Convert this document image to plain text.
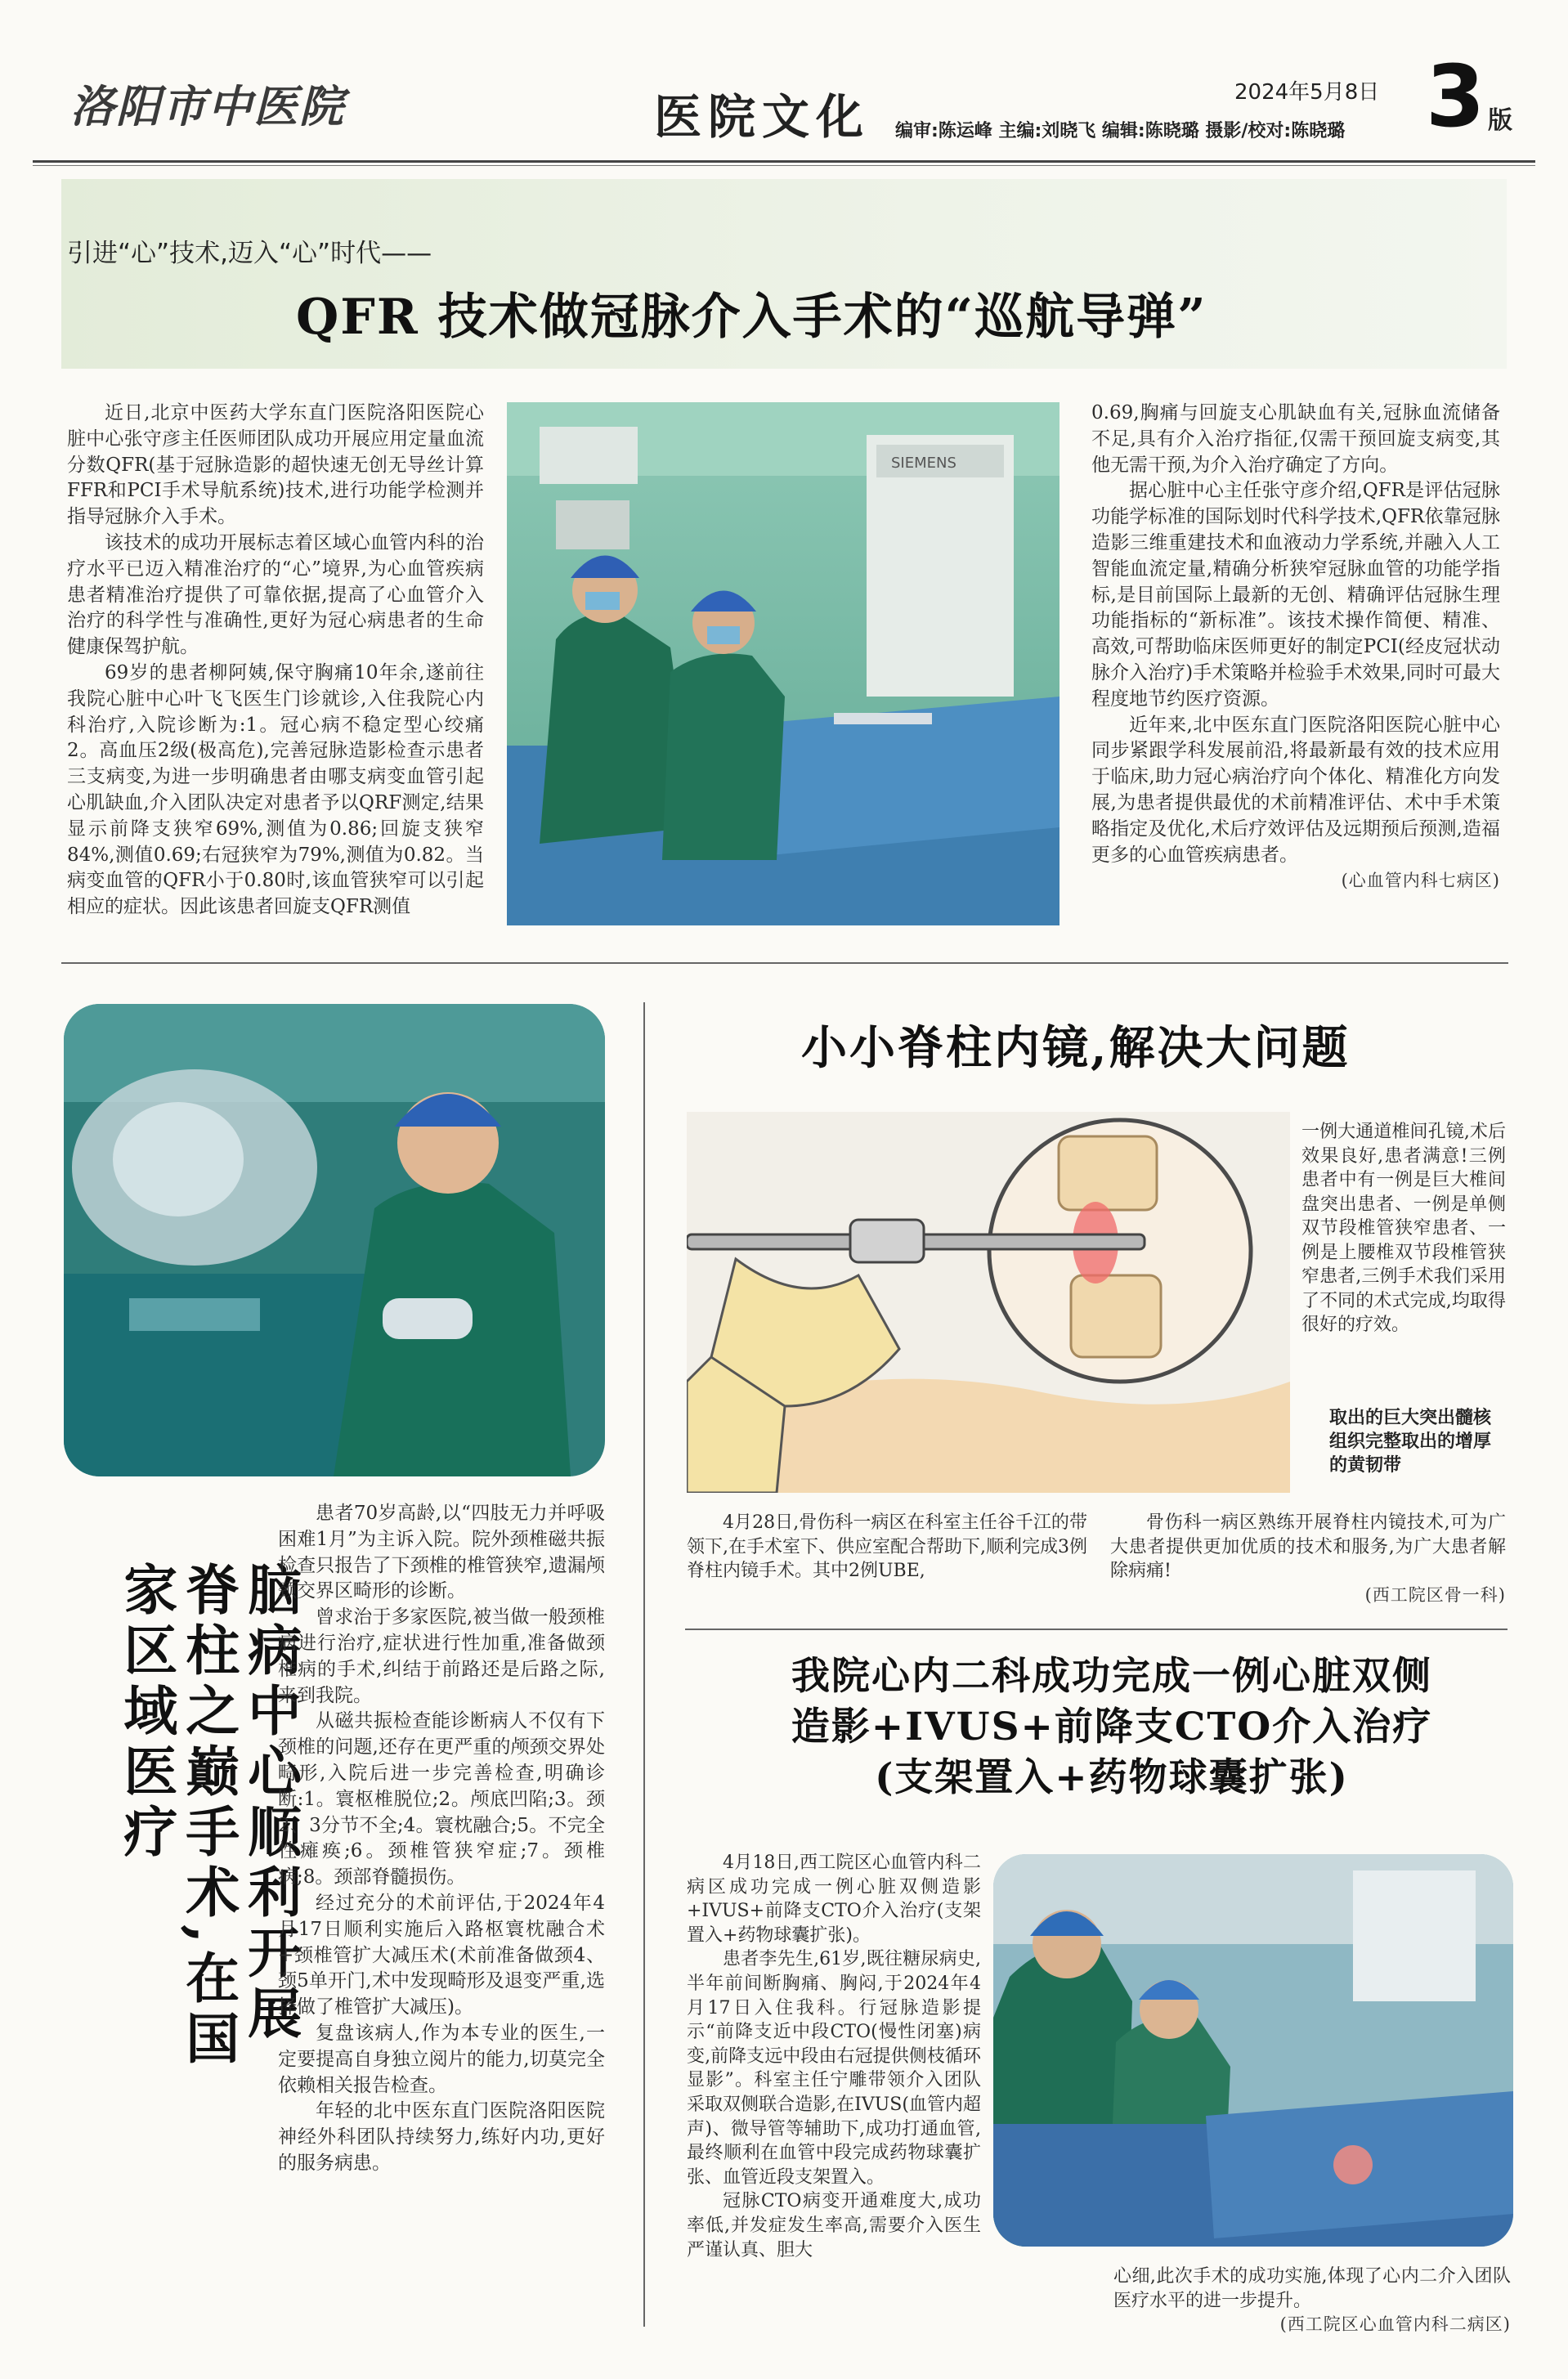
洛阳市中医院	医院文化	2024年5月8日 3 版
编审:陈运峰 主编:刘晓飞 编辑:陈晓璐 摄影/校对:陈晓璐
引进“心”技术,迈入“心”时代——
QFR 技术做冠脉介入手术的“巡航导弹”

近日,北京中医药大学东直门医院洛阳医院心脏中心张守彦主任医师团队成功开展应用定量血流分数QFR(基于冠脉造影的超快速无创无导丝计算FFR和PCI手术导航系统)技术,进行功能学检测并指导冠脉介入手术。

该技术的成功开展标志着区域心血管内科的治疗水平已迈入精准治疗的“心”境界,为心血管疾病患者精准治疗提供了可靠依据,提高了心血管介入治疗的科学性与准确性,更好为冠心病患者的生命健康保驾护航。

69岁的患者柳阿姨,保守胸痛10年余,遂前往我院心脏中心叶飞飞医生门诊就诊,入住我院心内科治疗,入院诊断为:1。冠心病不稳定型心绞痛 2。高血压2级(极高危),完善冠脉造影检查示患者三支病变,为进一步明确患者由哪支病变血管引起心肌缺血,介入团队决定对患者予以QRF测定,结果显示前降支狭窄69%,测值为0.86;回旋支狭窄84%,测值0.69;右冠狭窄为79%,测值为0.82。当病变血管的QFR小于0.80时,该血管狭窄可以引起相应的症状。因此该患者回旋支QFR测值

SIEMENS

0.69,胸痛与回旋支心肌缺血有关,冠脉血流储备不足,具有介入治疗指征,仅需干预回旋支病变,其他无需干预,为介入治疗确定了方向。

据心脏中心主任张守彦介绍,QFR是评估冠脉功能学标准的国际划时代科学技术,QFR依靠冠脉造影三维重建技术和血液动力学系统,并融入人工智能血流定量,精确分析狭窄冠脉血管的功能学指标,是目前国际上最新的无创、精确评估冠脉生理功能指标的“新标准”。该技术操作简便、精准、高效,可帮助临床医师更好的制定PCI(经皮冠状动脉介入治疗)手术策略并检验手术效果,同时可最大程度地节约医疗资源。

近年来,北中医东直门医院洛阳医院心脏中心同步紧跟学科发展前沿,将最新最有效的技术应用于临床,助力冠心病治疗向个体化、精准化方向发展,为患者提供最优的术前精准评估、术中手术策略指定及优化,术后疗效评估及远期预后预测,造福更多的心血管疾病患者。

(心血管内科七病区)
脑病中心顺利开展
脊柱之巅手术,在国家区域医疗

患者70岁高龄,以“四肢无力并呼吸困难1月”为主诉入院。院外颈椎磁共振检查只报告了下颈椎的椎管狭窄,遗漏颅颈交界区畸形的诊断。

曾求治于多家医院,被当做一般颈椎病进行治疗,症状进行性加重,准备做颈椎病的手术,纠结于前路还是后路之际,来到我院。

从磁共振检查能诊断病人不仅有下颈椎的问题,还存在更严重的颅颈交界处畸形,入院后进一步完善检查,明确诊断:1。寰枢椎脱位;2。颅底凹陷;3。颈2、3分节不全;4。寰枕融合;5。不完全性瘫痪;6。颈椎管狭窄症;7。颈椎病;8。颈部脊髓损伤。

经过充分的术前评估,于2024年4月17日顺利实施后入路枢寰枕融合术+颈椎管扩大减压术(术前准备做颈4、颈5单开门,术中发现畸形及退变严重,选择做了椎管扩大减压)。

复盘该病人,作为本专业的医生,一定要提高自身独立阅片的能力,切莫完全依赖相关报告检查。

年轻的北中医东直门医院洛阳医院神经外科团队持续努力,练好内功,更好的服务病患。

小小脊柱内镜,解决大问题

一例大通道椎间孔镜,术后效果良好,患者满意!三例患者中有一例是巨大椎间盘突出患者、一例是单侧双节段椎管狭窄患者、一例是上腰椎双节段椎管狭窄患者,三例手术我们采用了不同的术式完成,均取得很好的疗效。

取出的巨大突出髓核组织完整取出的增厚的黄韧带

4月28日,骨伤科一病区在科室主任谷千江的带领下,在手术室下、供应室配合帮助下,顺利完成3例脊柱内镜手术。其中2例UBE,

骨伤科一病区熟练开展脊柱内镜技术,可为广大患者提供更加优质的技术和服务,为广大患者解除病痛!

(西工院区骨一科)
我院心内二科成功完成一例心脏双侧
造影+IVUS+前降支CTO介入治疗
(支架置入+药物球囊扩张)

4月18日,西工院区心血管内科二病区成功完成一例心脏双侧造影+IVUS+前降支CTO介入治疗(支架置入+药物球囊扩张)。

患者李先生,61岁,既往糖尿病史,半年前间断胸痛、胸闷,于2024年4月17日入住我科。行冠脉造影提示“前降支近中段CTO(慢性闭塞)病变,前降支远中段由右冠提供侧枝循环显影”。科室主任宁雕带领介入团队采取双侧联合造影,在IVUS(血管内超声)、微导管等辅助下,成功打通血管,最终顺利在血管中段完成药物球囊扩张、血管近段支架置入。

冠脉CTO病变开通难度大,成功率低,并发症发生率高,需要介入医生严谨认真、胆大

心细,此次手术的成功实施,体现了心内二介入团队医疗水平的进一步提升。

(西工院区心血管内科二病区)
